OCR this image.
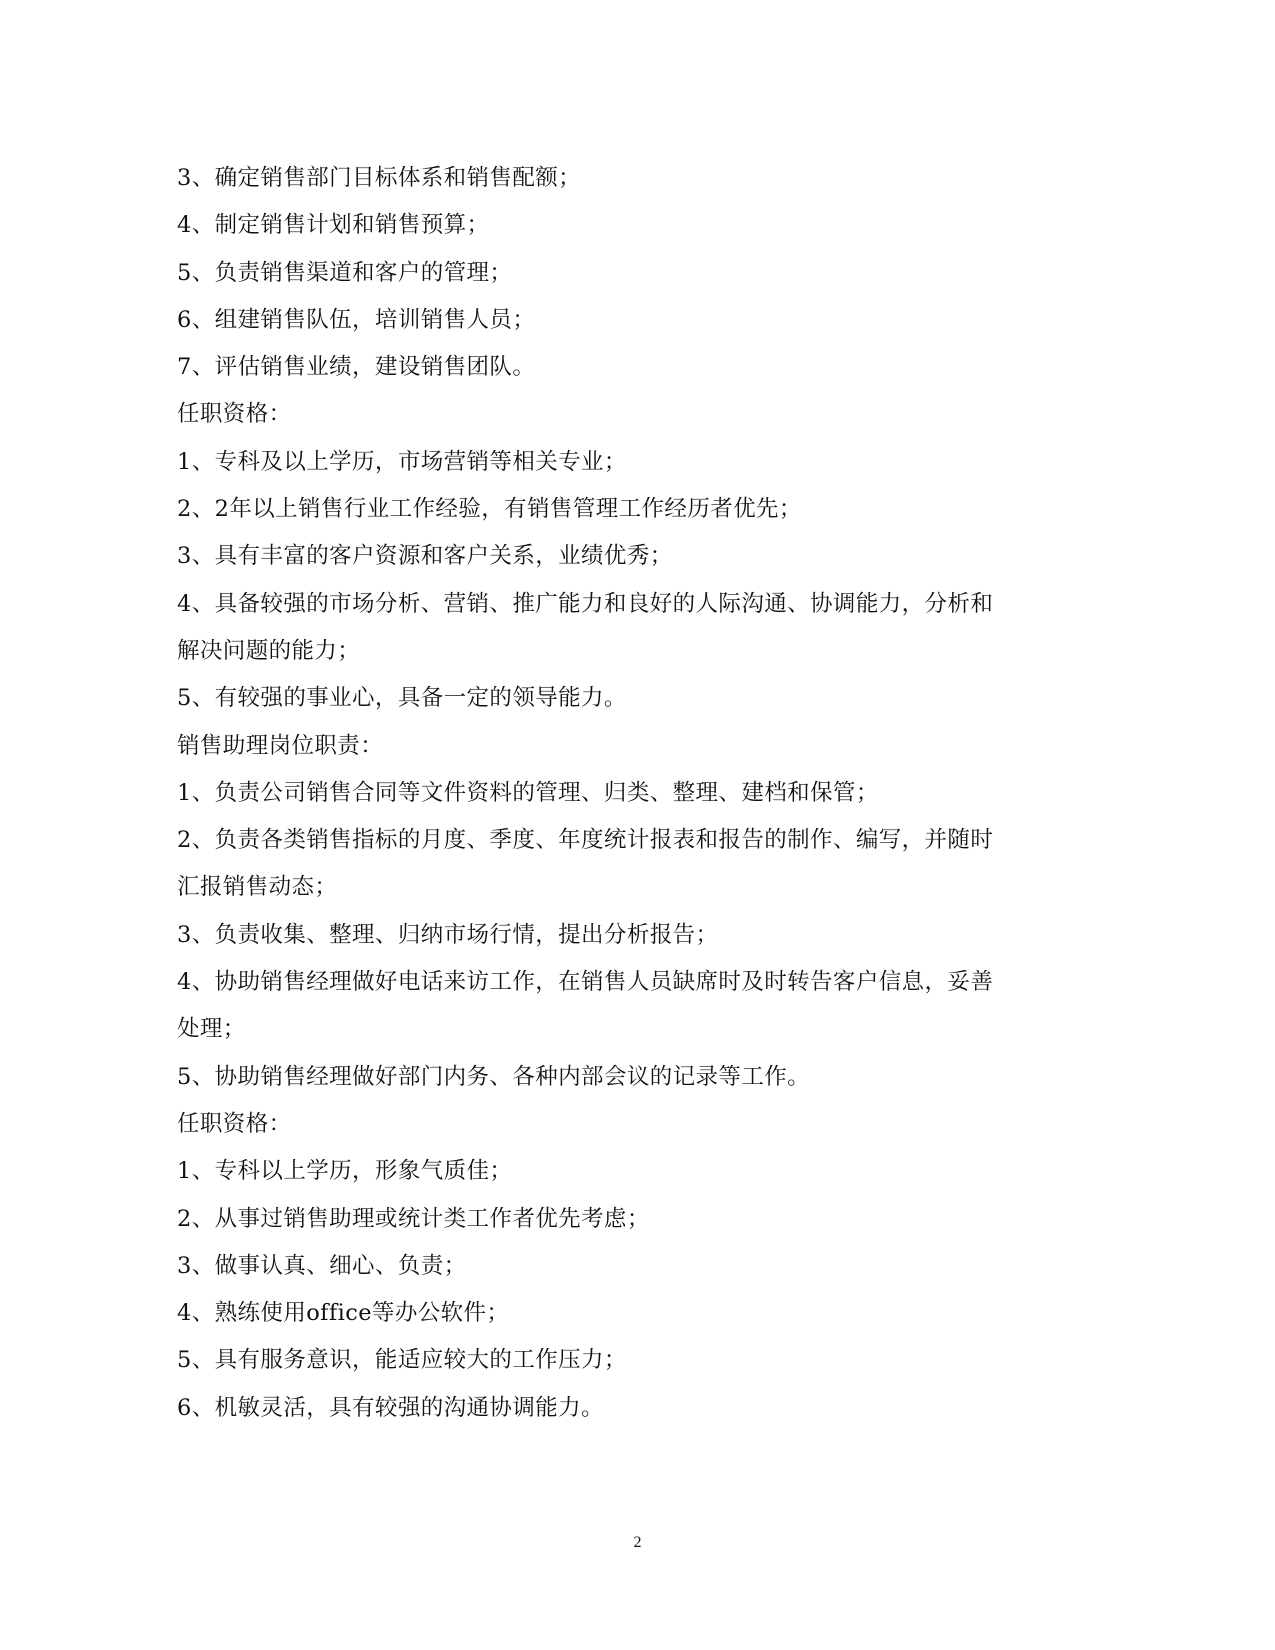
3、确定销售部门目标体系和销售配额；
4、制定销售计划和销售预算；
5、负责销售渠道和客户的管理；
6、组建销售队伍，培训销售人员；
7、评估销售业绩，建设销售团队。
任职资格：
1、专科及以上学历，市场营销等相关专业；
2、2年以上销售行业工作经验，有销售管理工作经历者优先；
3、具有丰富的客户资源和客户关系，业绩优秀；
4、具备较强的市场分析、营销、推广能力和良好的人际沟通、协调能力，分析和
解决问题的能力；
5、有较强的事业心，具备一定的领导能力。
销售助理岗位职责：
1、负责公司销售合同等文件资料的管理、归类、整理、建档和保管；
2、负责各类销售指标的月度、季度、年度统计报表和报告的制作、编写，并随时
汇报销售动态；
3、负责收集、整理、归纳市场行情，提出分析报告；
4、协助销售经理做好电话来访工作，在销售人员缺席时及时转告客户信息，妥善
处理；
5、协助销售经理做好部门内务、各种内部会议的记录等工作。
任职资格：
1、专科以上学历，形象气质佳；
2、从事过销售助理或统计类工作者优先考虑；
3、做事认真、细心、负责；
4、熟练使用office等办公软件；
5、具有服务意识，能适应较大的工作压力；
6、机敏灵活，具有较强的沟通协调能力。
2
